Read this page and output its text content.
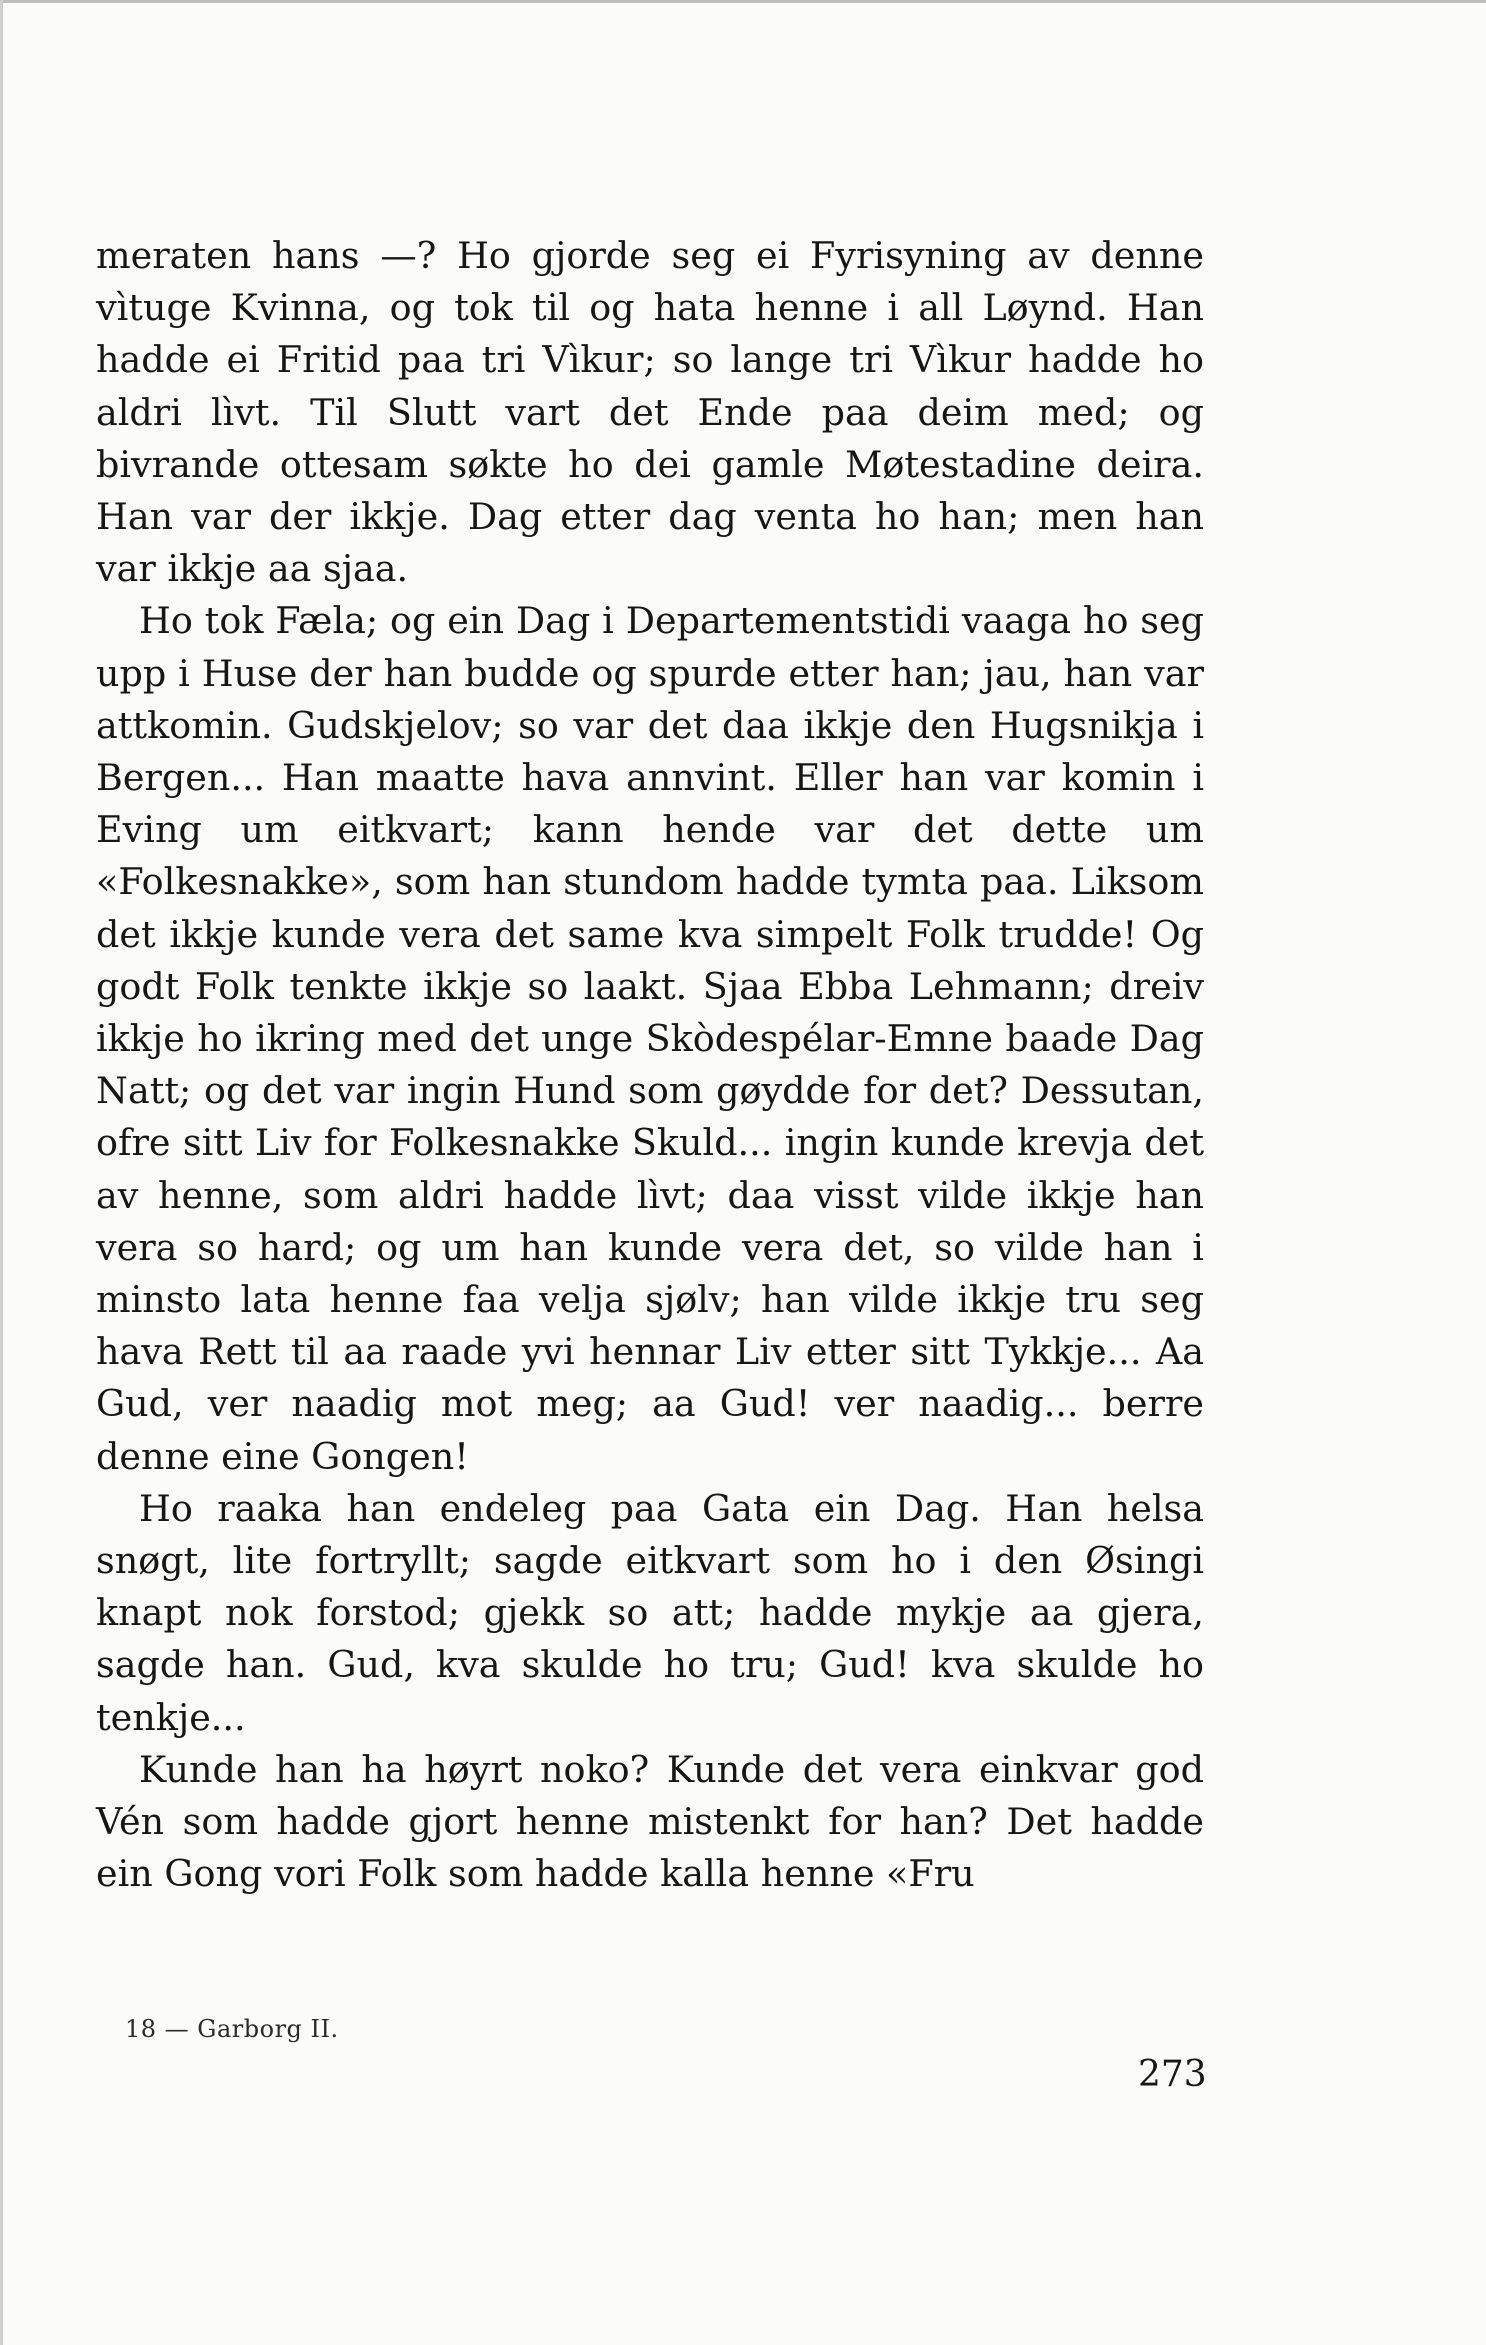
meraten hans —? Ho gjorde seg ei Fyrisyning av denne vìtuge Kvinna, og tok til og hata henne i all Løynd. Han hadde ei Fritid paa tri Vìkur; so lange tri Vìkur hadde ho aldri lìvt. Til Slutt vart det Ende paa deim med; og bivrande ottesam søkte ho dei gamle Møtestadine deira. Han var der ikkje. Dag etter dag venta ho han; men han var ikkje aa sjaa.

Ho tok Fæla; og ein Dag i Departementstidi vaaga ho seg upp i Huse der han budde og spurde etter han; jau, han var attkomin. Gudskjelov; so var det daa ikkje den Hugsnikja i Bergen... Han maatte hava annvint. Eller han var komin i Eving um eitkvart; kann hende var det dette um «Folkesnakke», som han stundom hadde tymta paa. Liksom det ikkje kunde vera det same kva simpelt Folk trudde! Og godt Folk tenkte ikkje so laakt. Sjaa Ebba Lehmann; dreiv ikkje ho ikring med det unge Skòdespélar-Emne baade Dag Natt; og det var ingin Hund som gøydde for det? Dessutan, ofre sitt Liv for Folkesnakke Skuld... ingin kunde krevja det av henne, som aldri hadde lìvt; daa visst vilde ikkje han vera so hard; og um han kunde vera det, so vilde han i minsto lata henne faa velja sjølv; han vilde ikkje tru seg hava Rett til aa raade yvi hennar Liv etter sitt Tykkje... Aa Gud, ver naadig mot meg; aa Gud! ver naadig... berre denne eine Gongen!

Ho raaka han endeleg paa Gata ein Dag. Han helsa snøgt, lite fortryllt; sagde eitkvart som ho i den Øsingi knapt nok forstod; gjekk so att; hadde mykje aa gjera, sagde han. Gud, kva skulde ho tru; Gud! kva skulde ho tenkje...

Kunde han ha høyrt noko? Kunde det vera einkvar god Vén som hadde gjort henne mistenkt for han? Det hadde ein Gong vori Folk som hadde kalla henne «Fru

18 — Garborg II.
273
